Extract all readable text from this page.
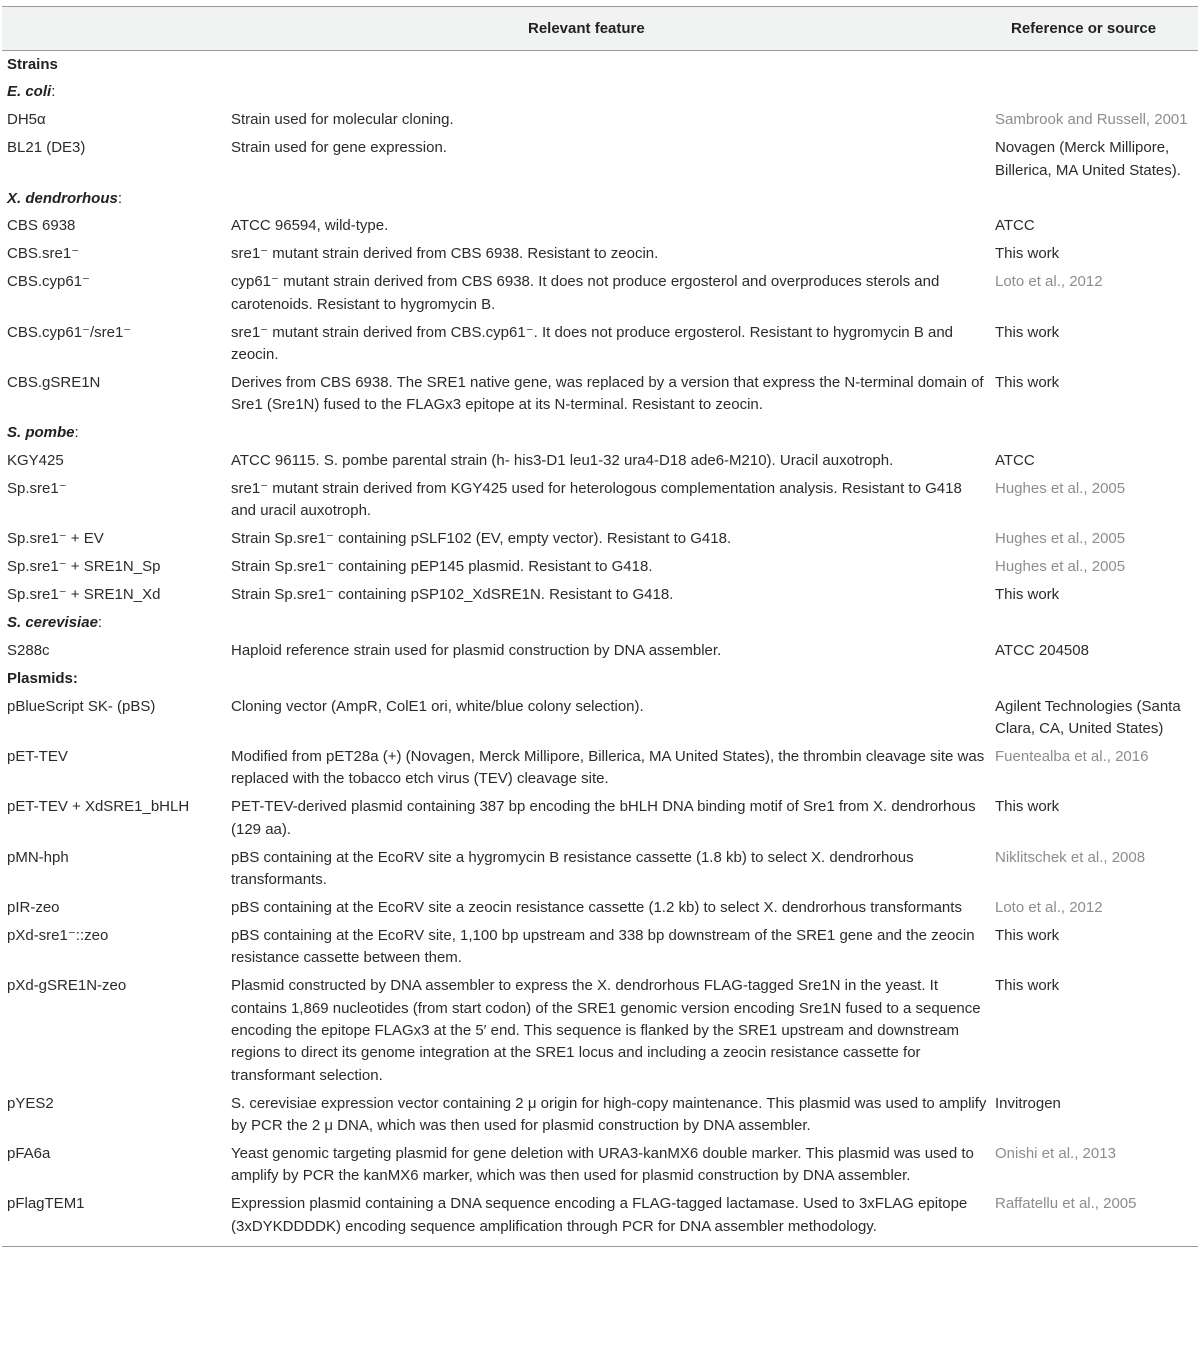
	Relevant feature	Reference or source
Strains		
E. coli:		
DH5α	Strain used for molecular cloning.	Sambrook and Russell, 2001
BL21 (DE3)	Strain used for gene expression.	Novagen (Merck Millipore, Billerica, MA United States).
X. dendrorhous:		
CBS 6938	ATCC 96594, wild-type.	ATCC
CBS.sre1⁻	sre1⁻ mutant strain derived from CBS 6938. Resistant to zeocin.	This work
CBS.cyp61⁻	cyp61⁻ mutant strain derived from CBS 6938. It does not produce ergosterol and overproduces sterols and carotenoids. Resistant to hygromycin B.	Loto et al., 2012
CBS.cyp61⁻/sre1⁻	sre1⁻ mutant strain derived from CBS.cyp61⁻. It does not produce ergosterol. Resistant to hygromycin B and zeocin.	This work
CBS.gSRE1N	Derives from CBS 6938. The SRE1 native gene, was replaced by a version that express the N-terminal domain of Sre1 (Sre1N) fused to the FLAGx3 epitope at its N-terminal. Resistant to zeocin.	This work
S. pombe:		
KGY425	ATCC 96115. S. pombe parental strain (h- his3-D1 leu1-32 ura4-D18 ade6-M210). Uracil auxotroph.	ATCC
Sp.sre1⁻	sre1⁻ mutant strain derived from KGY425 used for heterologous complementation analysis. Resistant to G418 and uracil auxotroph.	Hughes et al., 2005
Sp.sre1⁻ + EV	Strain Sp.sre1⁻ containing pSLF102 (EV, empty vector). Resistant to G418.	Hughes et al., 2005
Sp.sre1⁻ + SRE1N_Sp	Strain Sp.sre1⁻ containing pEP145 plasmid. Resistant to G418.	Hughes et al., 2005
Sp.sre1⁻ + SRE1N_Xd	Strain Sp.sre1⁻ containing pSP102_XdSRE1N. Resistant to G418.	This work
S. cerevisiae:		
S288c	Haploid reference strain used for plasmid construction by DNA assembler.	ATCC 204508
Plasmids:		
pBlueScript SK- (pBS)	Cloning vector (AmpR, ColE1 ori, white/blue colony selection).	Agilent Technologies (Santa Clara, CA, United States)
pET-TEV	Modified from pET28a (+) (Novagen, Merck Millipore, Billerica, MA United States), the thrombin cleavage site was replaced with the tobacco etch virus (TEV) cleavage site.	Fuentealba et al., 2016
pET-TEV + XdSRE1_bHLH	PET-TEV-derived plasmid containing 387 bp encoding the bHLH DNA binding motif of Sre1 from X. dendrorhous (129 aa).	This work
pMN-hph	pBS containing at the EcoRV site a hygromycin B resistance cassette (1.8 kb) to select X. dendrorhous transformants.	Niklitschek et al., 2008
pIR-zeo	pBS containing at the EcoRV site a zeocin resistance cassette (1.2 kb) to select X. dendrorhous transformants	Loto et al., 2012
pXd-sre1⁻::zeo	pBS containing at the EcoRV site, 1,100 bp upstream and 338 bp downstream of the SRE1 gene and the zeocin resistance cassette between them.	This work
pXd-gSRE1N-zeo	Plasmid constructed by DNA assembler to express the X. dendrorhous FLAG-tagged Sre1N in the yeast. It contains 1,869 nucleotides (from start codon) of the SRE1 genomic version encoding Sre1N fused to a sequence encoding the epitope FLAGx3 at the 5′ end. This sequence is flanked by the SRE1 upstream and downstream regions to direct its genome integration at the SRE1 locus and including a zeocin resistance cassette for transformant selection.	This work
pYES2	S. cerevisiae expression vector containing 2 μ origin for high-copy maintenance. This plasmid was used to amplify by PCR the 2 μ DNA, which was then used for plasmid construction by DNA assembler.	Invitrogen
pFA6a	Yeast genomic targeting plasmid for gene deletion with URA3-kanMX6 double marker. This plasmid was used to amplify by PCR the kanMX6 marker, which was then used for plasmid construction by DNA assembler.	Onishi et al., 2013
pFlagTEM1	Expression plasmid containing a DNA sequence encoding a FLAG-tagged lactamase. Used to 3xFLAG epitope (3xDYKDDDDK) encoding sequence amplification through PCR for DNA assembler methodology.	Raffatellu et al., 2005
